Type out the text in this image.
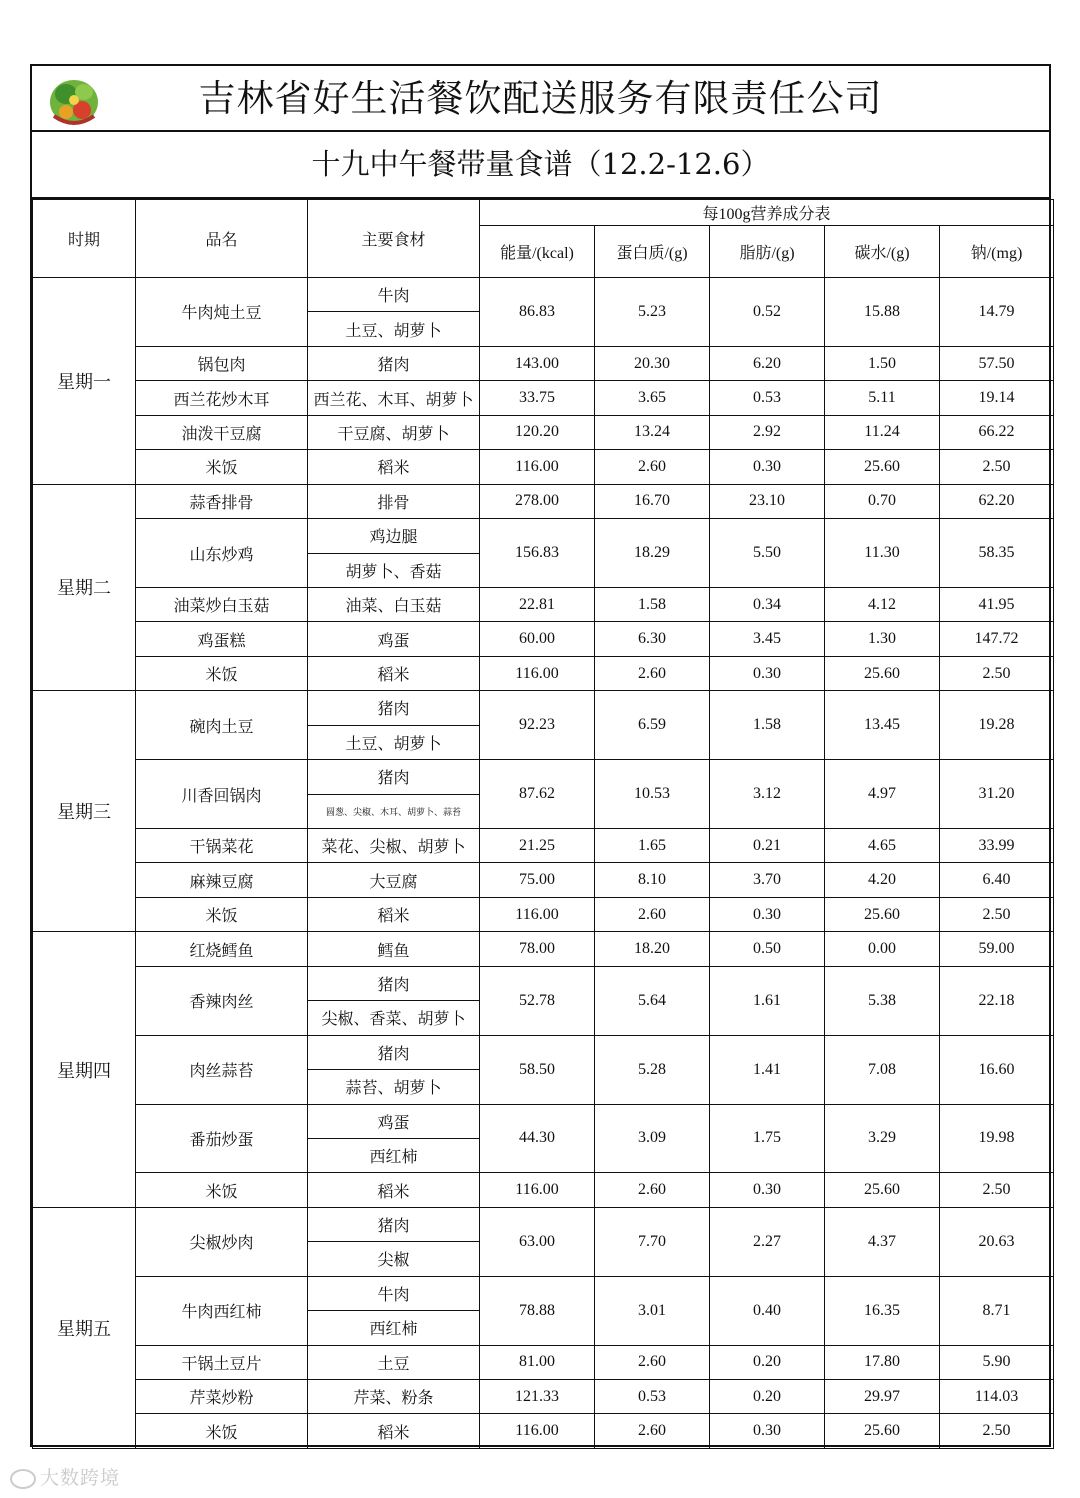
吉林省好生活餐饮配送服务有限责任公司
十九中午餐带量食谱（12.2-12.6）
时期	品名	主要食材	每100g营养成分表				
			能量/(kcal)	蛋白质/(g)	脂肪/(g)	碳水/(g)	钠/(mg)
星期一	牛肉炖土豆	牛肉	86.83	5.23	0.52	15.88	14.79
		土豆、胡萝卜					
	锅包肉	猪肉	143.00	20.30	6.20	1.50	57.50
	西兰花炒木耳	西兰花、木耳、胡萝卜	33.75	3.65	0.53	5.11	19.14
	油泼干豆腐	干豆腐、胡萝卜	120.20	13.24	2.92	11.24	66.22
	米饭	稻米	116.00	2.60	0.30	25.60	2.50
星期二	蒜香排骨	排骨	278.00	16.70	23.10	0.70	62.20
	山东炒鸡	鸡边腿	156.83	18.29	5.50	11.30	58.35
		胡萝卜、香菇					
	油菜炒白玉菇	油菜、白玉菇	22.81	1.58	0.34	4.12	41.95
	鸡蛋糕	鸡蛋	60.00	6.30	3.45	1.30	147.72
	米饭	稻米	116.00	2.60	0.30	25.60	2.50
星期三	碗肉土豆	猪肉	92.23	6.59	1.58	13.45	19.28
		土豆、胡萝卜					
	川香回锅肉	猪肉	87.62	10.53	3.12	4.97	31.20
		圆葱、尖椒、木耳、胡萝卜、蒜苔					
	干锅菜花	菜花、尖椒、胡萝卜	21.25	1.65	0.21	4.65	33.99
	麻辣豆腐	大豆腐	75.00	8.10	3.70	4.20	6.40
	米饭	稻米	116.00	2.60	0.30	25.60	2.50
星期四	红烧鳕鱼	鳕鱼	78.00	18.20	0.50	0.00	59.00
	香辣肉丝	猪肉	52.78	5.64	1.61	5.38	22.18
		尖椒、香菜、胡萝卜					
	肉丝蒜苔	猪肉	58.50	5.28	1.41	7.08	16.60
		蒜苔、胡萝卜					
	番茄炒蛋	鸡蛋	44.30	3.09	1.75	3.29	19.98
		西红柿					
	米饭	稻米	116.00	2.60	0.30	25.60	2.50
星期五	尖椒炒肉	猪肉	63.00	7.70	2.27	4.37	20.63
		尖椒					
	牛肉西红柿	牛肉	78.88	3.01	0.40	16.35	8.71
		西红柿					
	干锅土豆片	土豆	81.00	2.60	0.20	17.80	5.90
	芹菜炒粉	芹菜、粉条	121.33	0.53	0.20	29.97	114.03
	米饭	稻米	116.00	2.60	0.30	25.60	2.50
大数跨境
